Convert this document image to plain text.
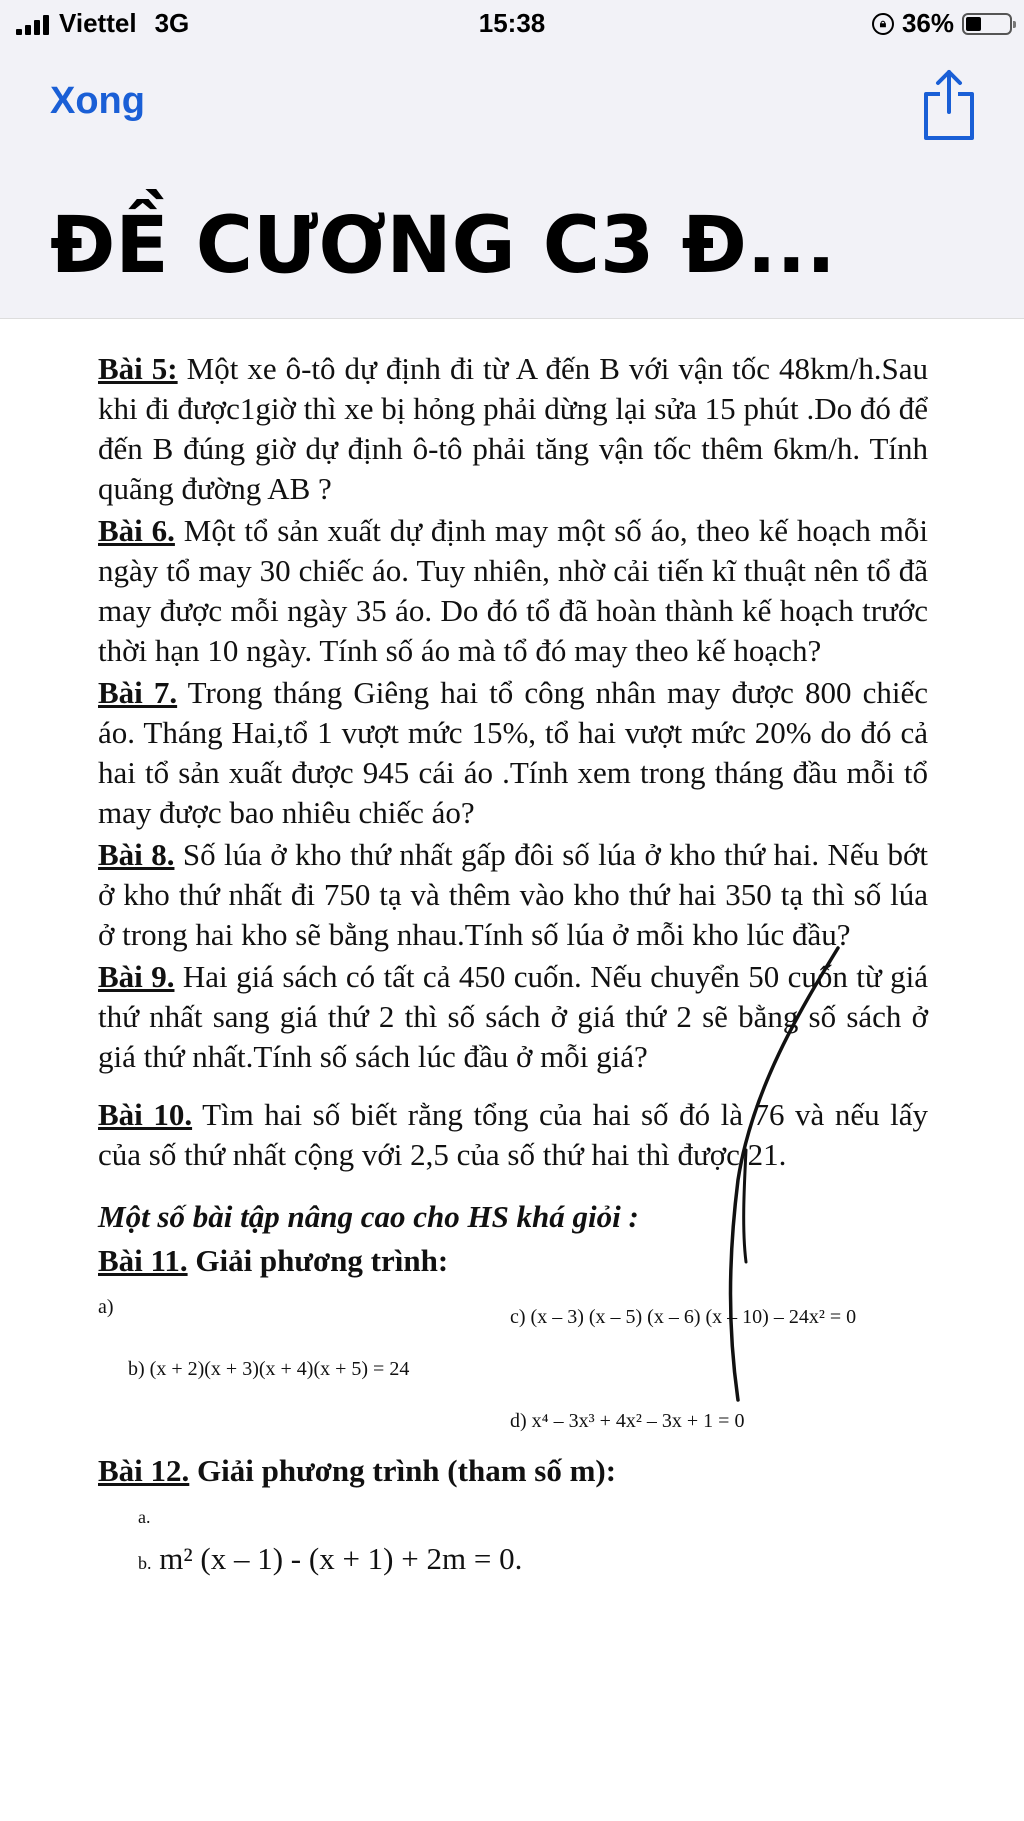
Viettel 3G	15:38	🔒︎ 36%
Xong
ĐỀ CƯƠNG C3 Đ...

Bài 5: Một xe ô-tô dự định đi từ A đến B với vận tốc 48km/h.Sau khi đi được1giờ thì xe bị hỏng phải dừng lại sửa 15 phút .Do đó để đến B đúng giờ dự định ô-tô phải tăng vận tốc thêm 6km/h. Tính quãng đường AB ?

Bài 6. Một tổ sản xuất dự định may một số áo, theo kế hoạch mỗi ngày tổ may 30 chiếc áo. Tuy nhiên, nhờ cải tiến kĩ thuật nên tổ đã may được mỗi ngày 35 áo. Do đó tổ đã hoàn thành kế hoạch trước thời hạn 10 ngày. Tính số áo mà tổ đó may theo kế hoạch?

Bài 7. Trong tháng Giêng hai tổ công nhân may được 800 chiếc áo. Tháng Hai,tổ 1 vượt mức 15%, tổ hai vượt mức 20% do đó cả hai tổ sản xuất được 945 cái áo .Tính xem trong tháng đầu mỗi tổ may được bao nhiêu chiếc áo?

Bài 8. Số lúa ở kho thứ nhất gấp đôi số lúa ở kho thứ hai. Nếu bớt ở kho thứ nhất đi 750 tạ và thêm vào kho thứ hai 350 tạ thì số lúa ở trong hai kho sẽ bằng nhau.Tính số lúa ở mỗi kho lúc đầu?

Bài 9. Hai giá sách có tất cả 450 cuốn. Nếu chuyển 50 cuốn từ giá thứ nhất sang giá thứ 2 thì số sách ở giá thứ 2 sẽ bằng số sách ở giá thứ nhất.Tính số sách lúc đầu ở mỗi giá?

Bài 10. Tìm hai số biết rằng tổng của hai số đó là 76 và nếu lấy của số thứ nhất cộng với 2,5 của số thứ hai thì được 21.

Một số bài tập nâng cao cho HS khá giỏi :
Bài 11. Giải phương trình:
a)	c) (x – 3) (x – 5) (x – 6) (x – 10) – 24x² = 0
b) (x + 2)(x + 3)(x + 4)(x + 5) = 24
d) x⁴ – 3x³ + 4x² – 3x + 1 = 0
Bài 12. Giải phương trình (tham số m):
a.
b. m² (x – 1) - (x + 1) + 2m = 0.
